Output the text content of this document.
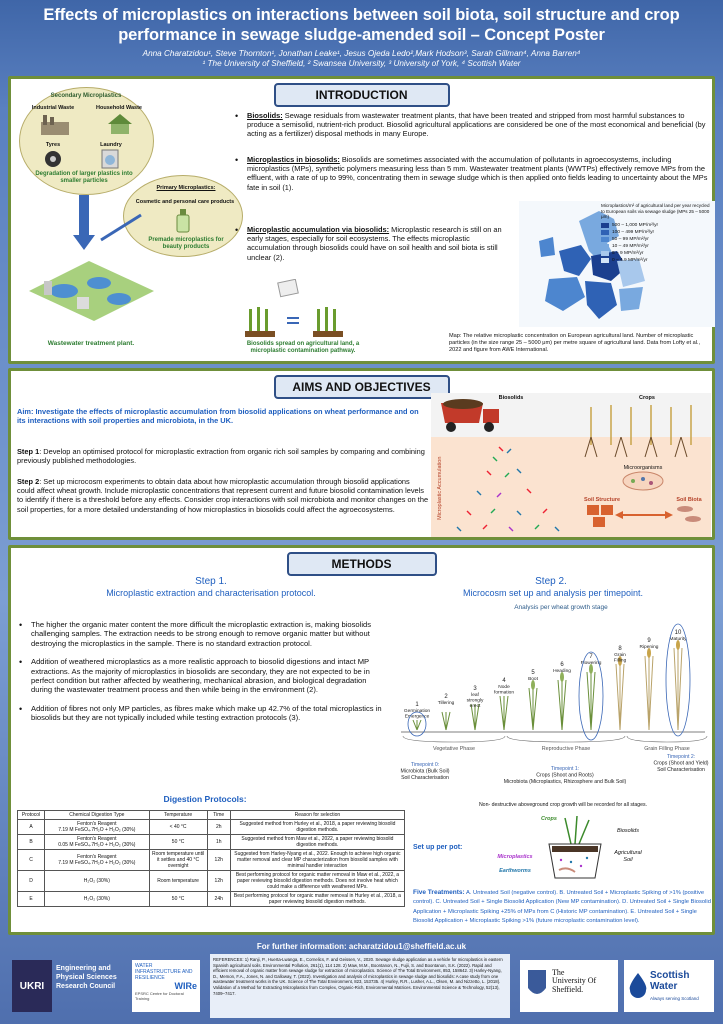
Effects of microplastics on interactions between soil biota, soil structure and crop
performance in sewage sludge-amended soil – Concept Poster
Anna Charatzidou¹, Steve Thornton¹, Jonathan Leake¹, Jesus Ojeda Ledo²,Mark Hodson³, Sarah Gillman⁴, Anna Barren⁴
¹ The University of Sheffield, ² Swansea University, ³ University of York, ⁴ Scottish Water
INTRODUCTION
Secondary Microplastics
Industrial Waste	Household Waste
Tyres	Laundry
Degradation of larger plastics into smaller particles
Primary Microplastics:
Cosmetic and personal care products
Premade microplastics for beauty products
Wastewater treatment plant.	Biosolids spread on agricultural land, a microplastic contamination pathway.

• Biosolids: Sewage residuals from wastewater treatment plants, that have been treated and stripped from most harmful substances to produce a semisolid, nutrient-rich product. Biosolid agricultural applications are considered be one of the most economical and beneficial (by acting as a fertilizer) disposal methods in many Europe.

• Microplastics in biosolids: Biosolids are sometimes associated with the accumulation of pollutants in agroecosystems, including microplastics (MPs), synthetic polymers measuring less than 5 mm. Wastewater treatment plants (WWTPs) effectively remove MPs from the effluent, with a rate of up to 99%, concentrating them in sewage sludge which is then applied onto fields leading to uncertainty about the MPs fate in soil (1).

• Microplastic accumulation via biosolids: Microplastic research is still on an early stages, especially for soil ecosystems. The effects microplastic accumulation through biosolids could have on soil health and soil biota is still unclear (2).

Microplastics/m² of agricultural land per year recycled to European soils via sewage sludge (MPs 25 – 5000 μm)
500 – 1,000 MP/m²/yr
100 – 499 MP/m²/yr
50 – 99 MP/m²/yr
10 – 49 MP/m²/yr
5 – 9 MP/m²/yr
0 – 4.9 MP/m²/yr
Map: The relative microplastic concentration on European agricultural land. Number of microplastic particles (in the size range 25 – 5000 μm) per metre square of agricultural land. Data from Lofty et al., 2022 and figure from AWE International.
AIMS AND OBJECTIVES

Aim: Investigate the effects of microplastic accumulation from biosolid applications on wheat performance and on its interactions with soil properties and microbiota, in the UK.

Step 1: Develop an optimised protocol for microplastic extraction from organic rich soil samples by comparing and combining previously published methodologies.

Step 2: Set up microcosm experiments to obtain data about how microplastic accumulation through biosolid applications could affect wheat growth. Include microplastic concentrations that represent current and future biosolid contamination levels to identify if there is a threshold before any effects. Consider crop interactions with soil microbiota and monitor changes on the soil properties, for a more detailed understanding of how microplastics in biosolids could affect the agroecosystems.

Biosolids	Crops
Microplastic Accumulation	Microorganisms
Soil Structure	Soil Biota
METHODS
Step 1.
Microplastic extraction and characterisation protocol.
Step 2.
Microcosm set up and analysis per timepoint.

• The higher the organic mater content the more difficult the microplastic extraction is, making biosolids challenging samples. The extraction needs to be strong enough to remove organic matter but without destroying the microplastics in the sample. There is no standard extraction protocol.

• Addition of weathered microplastics as a more realistic approach to biosolid digestions and intact MP extractions. As the majority of microplastics in biosolids are secondary, they are not expected to be in perfect condition but rather affected by weathering, mechanical abrasion, and biological degradation during the wastewater treatment process and then while being in the environment (2).

• Addition of fibres not only MP particles, as fibres make which make up 42.7% of the total microplastics in biosolids but they are not typically included while testing extraction protocols (3).

Digestion Protocols:
Protocol	Chemical Digestion Type	Temperature	Time	Reason for selection
A	Fenton's Reagent
7.19 M FeSO₄.7H₂O + H₂O₂ (30%)	< 40 °C	2h	Suggested method from Hurley et al., 2018, a paper reviewing biosolid digestion methods.
B	Fenton's Reagent
0.05 M FeSO₄.7H₂O + H₂O₂ (30%)	50 °C	1h	Suggested method from Maw et al., 2022, a paper reviewing biosolid digestion methods.
C	Fenton's Reagent
7.19 M FeSO₄.7H₂O + H₂O₂ (30%)	Room temperature until it settles and 40 °C overnight	12h	Suggested from Harley-Nyang et al., 2022. Enough to achieve high organic matter removal and clear MP characterization from biosolid samples with minimal handler interaction
D	H₂O₂ (30%)	Room temperature	12h	Best performing protocol for organic matter removal in Maw et al., 2022, a paper reviewing biosolid digestion methods. Does not involve heat which could make a difference with weathered MPs.
E	H₂O₂ (30%)	50 °C	24h	Best performing protocol for organic matter removal in Hurley et al., 2018, a paper reviewing biosolid digestion methods.
Analysis per wheat growth stage
1
Germination
Emergence
2
Tillering
3
leaf
strongly
erect
4
Node
formation
5
Boot
6
Heading
7
Flowering
8
Grain
Filling
9
Ripening
10
Maturity
Vegetative Phase	Reproductive Phase	Grain Filling Phase
Timepoint 0:
Microbiota (Bulk Soil)
Soil Characterisation
Timepoint 1:
Crops (Shoot and Roots)
Microbiota (Microplastics, Rhizosphere and Bulk Soil)
Timepoint 2:
Crops (Shoot and Yield)
Soil Characterisation
Non- destructive aboveground crop growth will be recorded for all stages.
Set up per pot:
Crops
Biosolids
Agricultural Soil
Microplastics
Earthworms

Five Treatments: A. Untreated Soil (negative control). B. Untreated Soil + Microplastic Spiking of >1% (positive control). C. Untreated Soil + Single Biosolid Application (New MP contamination). D. Untreated Soil + Single Biosolid Application + Microplastic Spiking +25% of MPs from C (Historic MP contamination). E. Untreated Soil + Single Biosolid Application + Microplastic Spiking >1% (future microplastic contamination level).

For further information: acharatzidou1@sheffield.ac.uk
UKRI
Engineering and Physical Sciences Research Council
WATER INFRASTRUCTURE AND RESILIENCE
WIRe
EPSRC Centre for Doctoral Training
REFERENCES: 1) Ranji, P., Huerta-Lwanga, E., Cornelics, F. and Geissen, V., 2020. Sewage sludge application as a vehicle for microplastics in eastern Spanish agricultural soils. Environmental Pollution, 261(1), 114 128. 2) Maw, M.M., Boontanon, N., Fujii, S. and Boontanon, S.K. (2022). Rapid and efficient removal of organic matter from sewage sludge for extraction of microplastics. Science of The Total Environment, 853, 158642. 3) Harley-Nyang, D., Memon, F.A., Jones, N. and Galloway, T. (2022). Investigation and analysis of microplastics in sewage sludge and biosolids: A case study from one wastewater treatment works in the UK. Science of The Total Environment, 823, 153735. 4) Hurley, R.R., Lusher, A.L., Olsen, M. and Nizzetto, L. (2018). Validation of a Method for Extracting Microplastics from Complex, Organic-Rich, Environmental Matrices. Environmental Science & Technology, 52(13), 7409–7417.
The
University Of Sheffield.
Scottish Water
Always serving Scotland
